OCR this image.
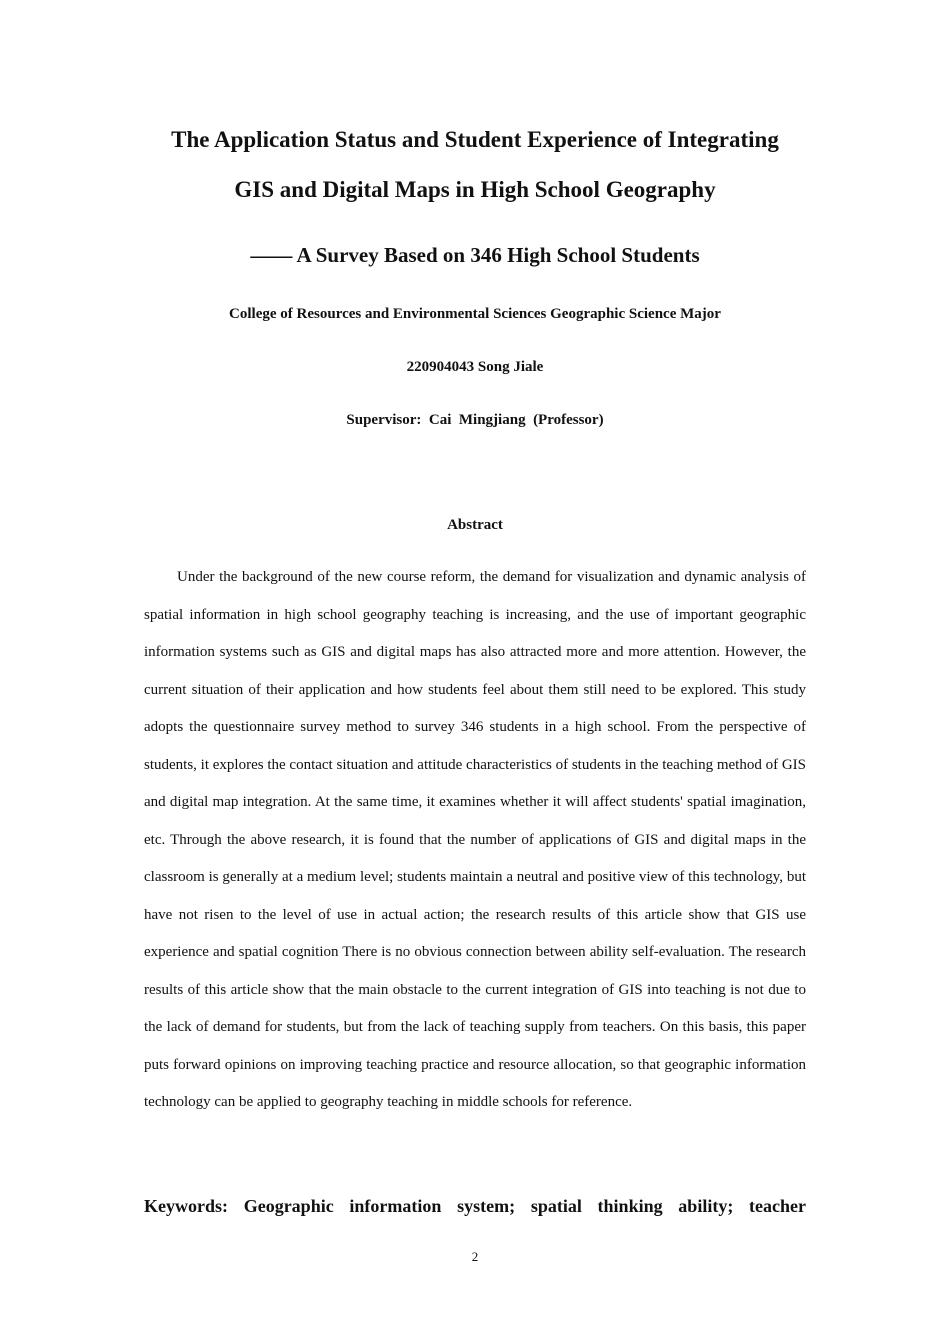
The Application Status and Student Experience of Integrating
GIS and Digital Maps in High School Geography
—— A Survey Based on 346 High School Students
College of Resources and Environmental Sciences Geographic Science Major
220904043 Song Jiale
Supervisor:  Cai  Mingjiang  (Professor)
Abstract

Under the background of the new course reform, the demand for visualization and dynamic analysis of spatial information in high school geography teaching is increasing, and the use of important geographic information systems such as GIS and digital maps has also attracted more and more attention. However, the current situation of their application and how students feel about them still need to be explored. This study adopts the questionnaire survey method to survey 346 students in a high school. From the perspective of students, it explores the contact situation and attitude characteristics of students in the teaching method of GIS and digital map integration. At the same time, it examines whether it will affect students' spatial imagination, etc. Through the above research, it is found that the number of applications of GIS and digital maps in the classroom is generally at a medium level; students maintain a neutral and positive view of this technology, but have not risen to the level of use in actual action; the research results of this article show that GIS use experience and spatial cognition There is no obvious connection between ability self-evaluation. The research results of this article show that the main obstacle to the current integration of GIS into teaching is not due to the lack of demand for students, but from the lack of teaching supply from teachers. On this basis, this paper puts forward opinions on improving teaching practice and resource allocation, so that geographic information technology can be applied to geography teaching in middle schools for reference.

Keywords: Geographic information system; spatial thinking ability; teacher
2
